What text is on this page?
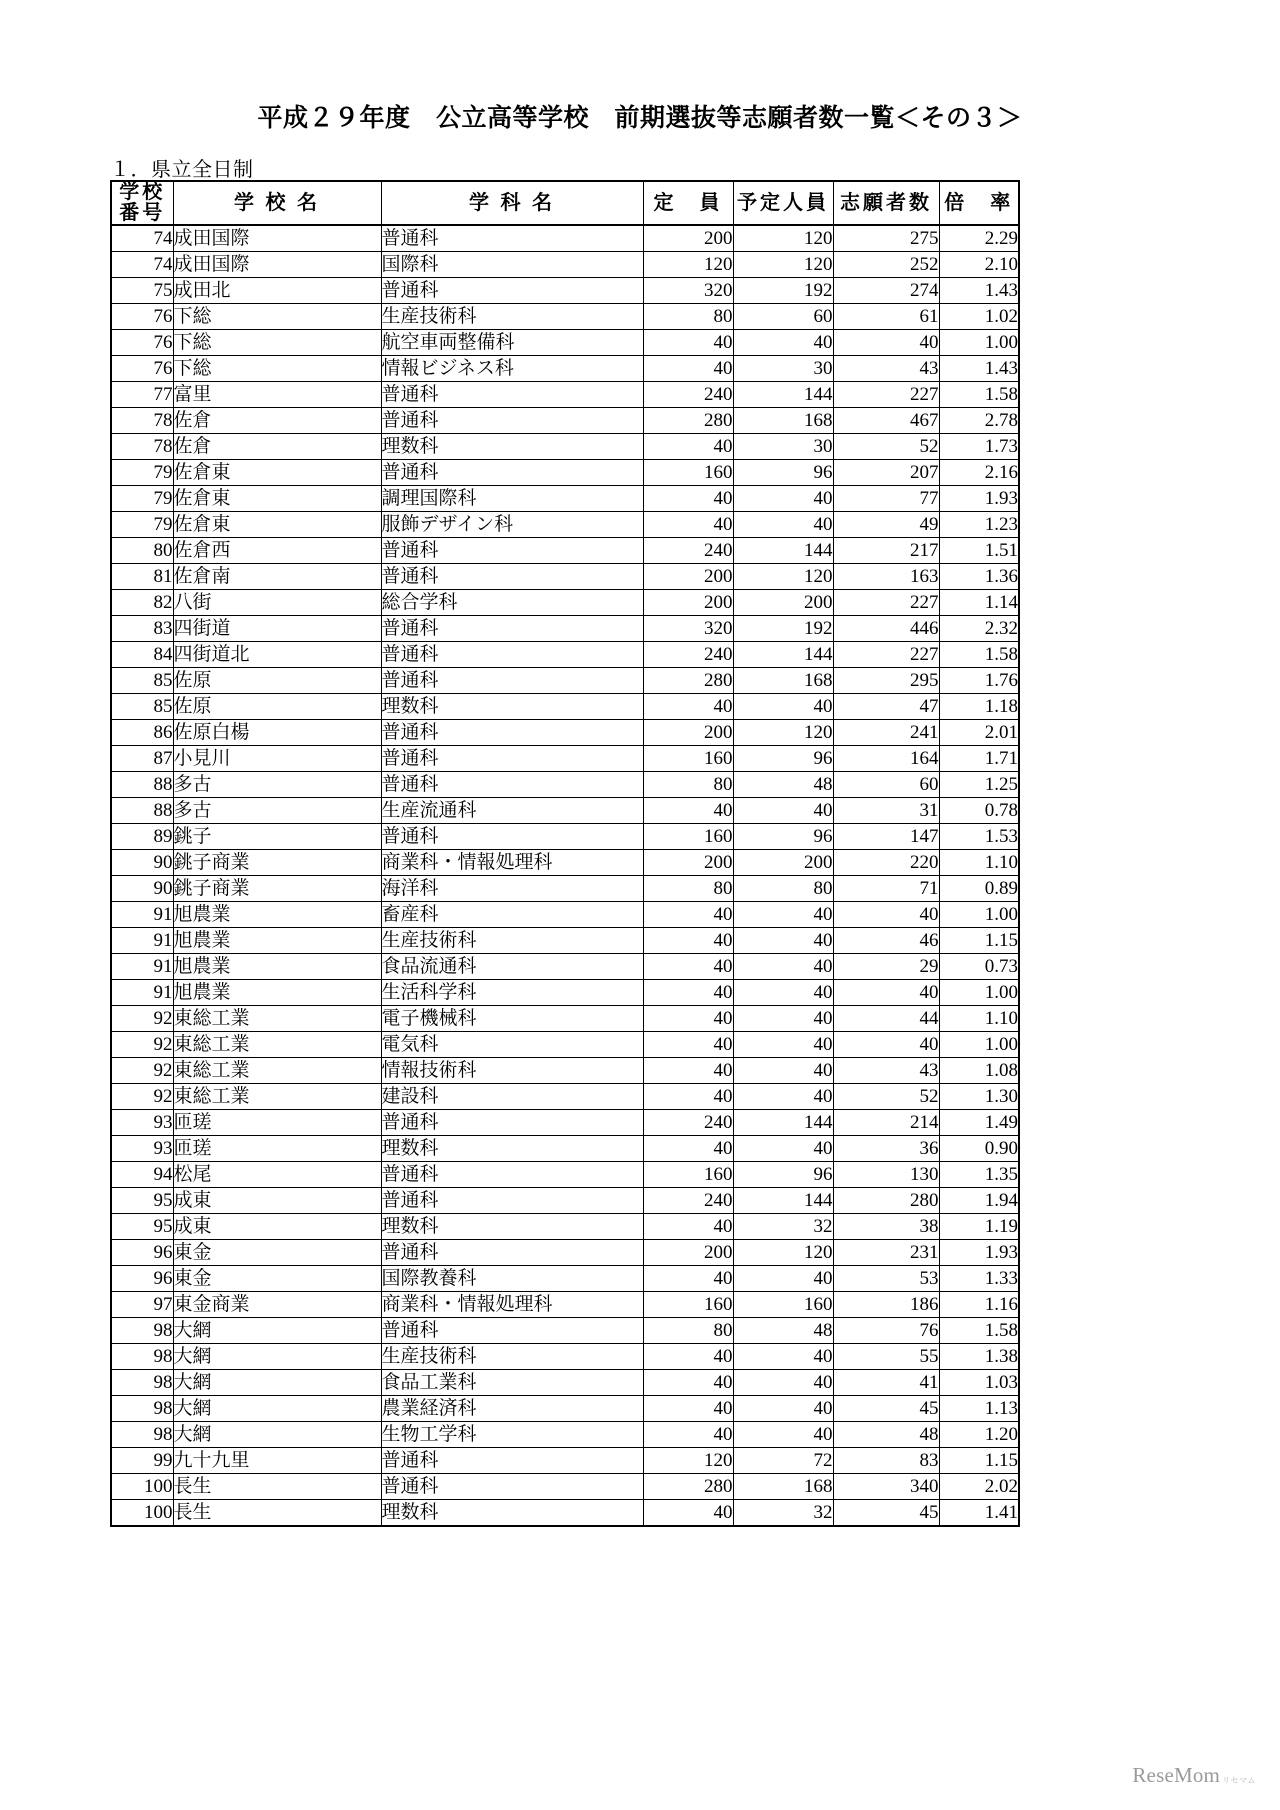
平成２９年度　公立高等学校　前期選抜等志願者数一覧＜その３＞
１．県立全日制
学校
番号	学 校 名	学 科 名	定　員	予定人員	志願者数	倍　率
74	成田国際	普通科	200	120	275	2.29
74	成田国際	国際科	120	120	252	2.10
75	成田北	普通科	320	192	274	1.43
76	下総	生産技術科	80	60	61	1.02
76	下総	航空車両整備科	40	40	40	1.00
76	下総	情報ビジネス科	40	30	43	1.43
77	富里	普通科	240	144	227	1.58
78	佐倉	普通科	280	168	467	2.78
78	佐倉	理数科	40	30	52	1.73
79	佐倉東	普通科	160	96	207	2.16
79	佐倉東	調理国際科	40	40	77	1.93
79	佐倉東	服飾デザイン科	40	40	49	1.23
80	佐倉西	普通科	240	144	217	1.51
81	佐倉南	普通科	200	120	163	1.36
82	八街	総合学科	200	200	227	1.14
83	四街道	普通科	320	192	446	2.32
84	四街道北	普通科	240	144	227	1.58
85	佐原	普通科	280	168	295	1.76
85	佐原	理数科	40	40	47	1.18
86	佐原白楊	普通科	200	120	241	2.01
87	小見川	普通科	160	96	164	1.71
88	多古	普通科	80	48	60	1.25
88	多古	生産流通科	40	40	31	0.78
89	銚子	普通科	160	96	147	1.53
90	銚子商業	商業科・情報処理科	200	200	220	1.10
90	銚子商業	海洋科	80	80	71	0.89
91	旭農業	畜産科	40	40	40	1.00
91	旭農業	生産技術科	40	40	46	1.15
91	旭農業	食品流通科	40	40	29	0.73
91	旭農業	生活科学科	40	40	40	1.00
92	東総工業	電子機械科	40	40	44	1.10
92	東総工業	電気科	40	40	40	1.00
92	東総工業	情報技術科	40	40	43	1.08
92	東総工業	建設科	40	40	52	1.30
93	匝瑳	普通科	240	144	214	1.49
93	匝瑳	理数科	40	40	36	0.90
94	松尾	普通科	160	96	130	1.35
95	成東	普通科	240	144	280	1.94
95	成東	理数科	40	32	38	1.19
96	東金	普通科	200	120	231	1.93
96	東金	国際教養科	40	40	53	1.33
97	東金商業	商業科・情報処理科	160	160	186	1.16
98	大網	普通科	80	48	76	1.58
98	大網	生産技術科	40	40	55	1.38
98	大網	食品工業科	40	40	41	1.03
98	大網	農業経済科	40	40	45	1.13
98	大網	生物工学科	40	40	48	1.20
99	九十九里	普通科	120	72	83	1.15
100	長生	普通科	280	168	340	2.02
100	長生	理数科	40	32	45	1.41
ReseMom リセマム
